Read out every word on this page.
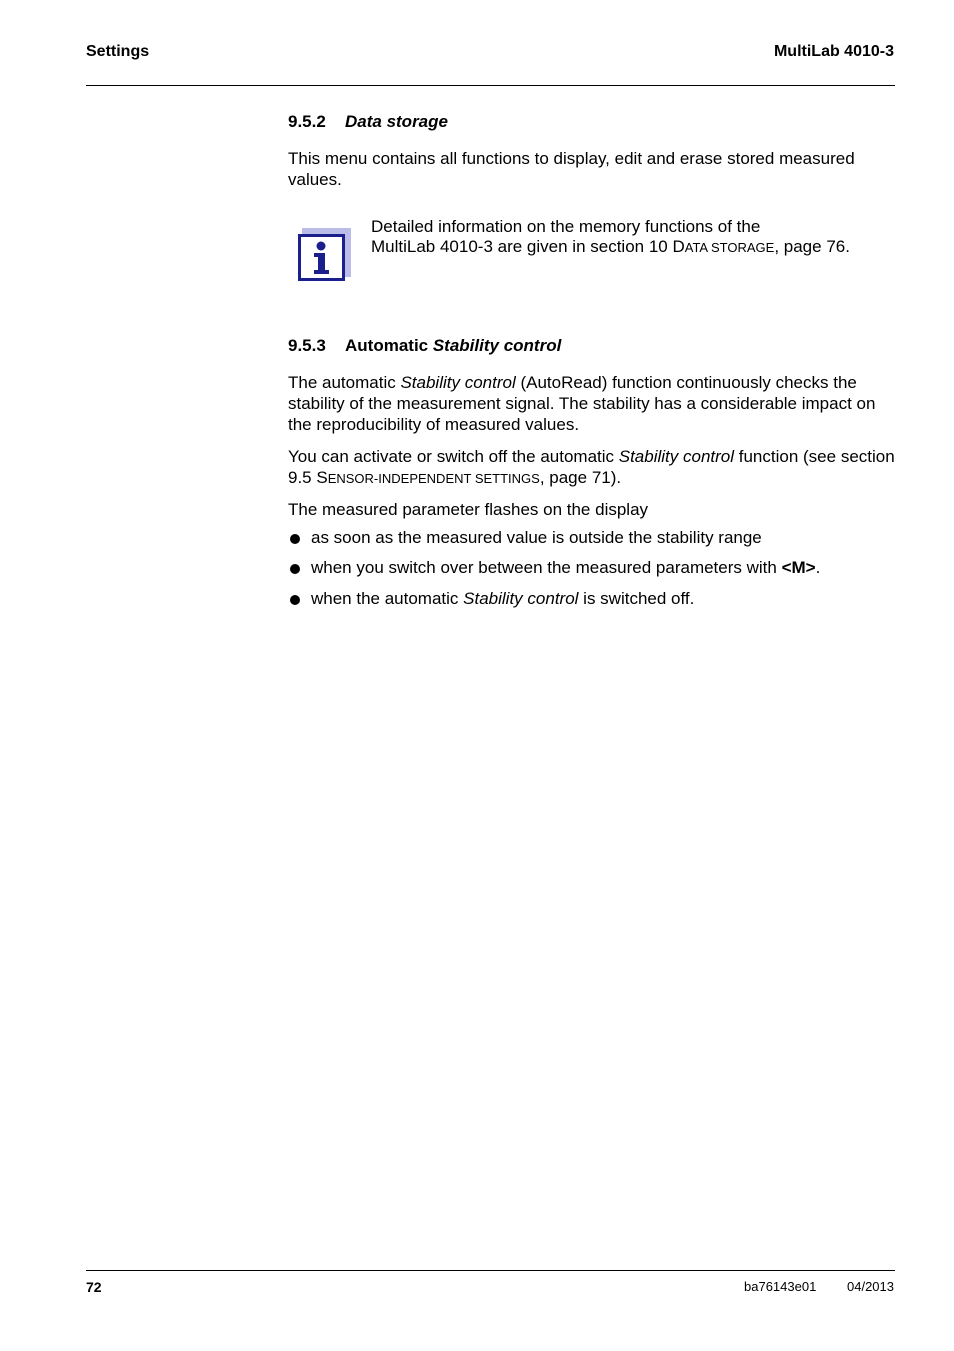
Settings	MultiLab 4010-3
9.5.2 Data storage

This menu contains all functions to display, edit and erase stored measured values.

Detailed information on the memory functions of the
MultiLab 4010-3 are given in section 10 DATA STORAGE, page 76.
9.5.3 Automatic Stability control

The automatic Stability control (AutoRead) function continuously checks the stability of the measurement signal. The stability has a considerable impact on the reproducibility of measured values.

You can activate or switch off the automatic Stability control function (see section 9.5 SENSOR-INDEPENDENT SETTINGS, page 71).

The measured parameter flashes on the display

as soon as the measured value is outside the stability range
when you switch over between the measured parameters with <M>.
when the automatic Stability control is switched off.
72	ba76143e01 04/2013
